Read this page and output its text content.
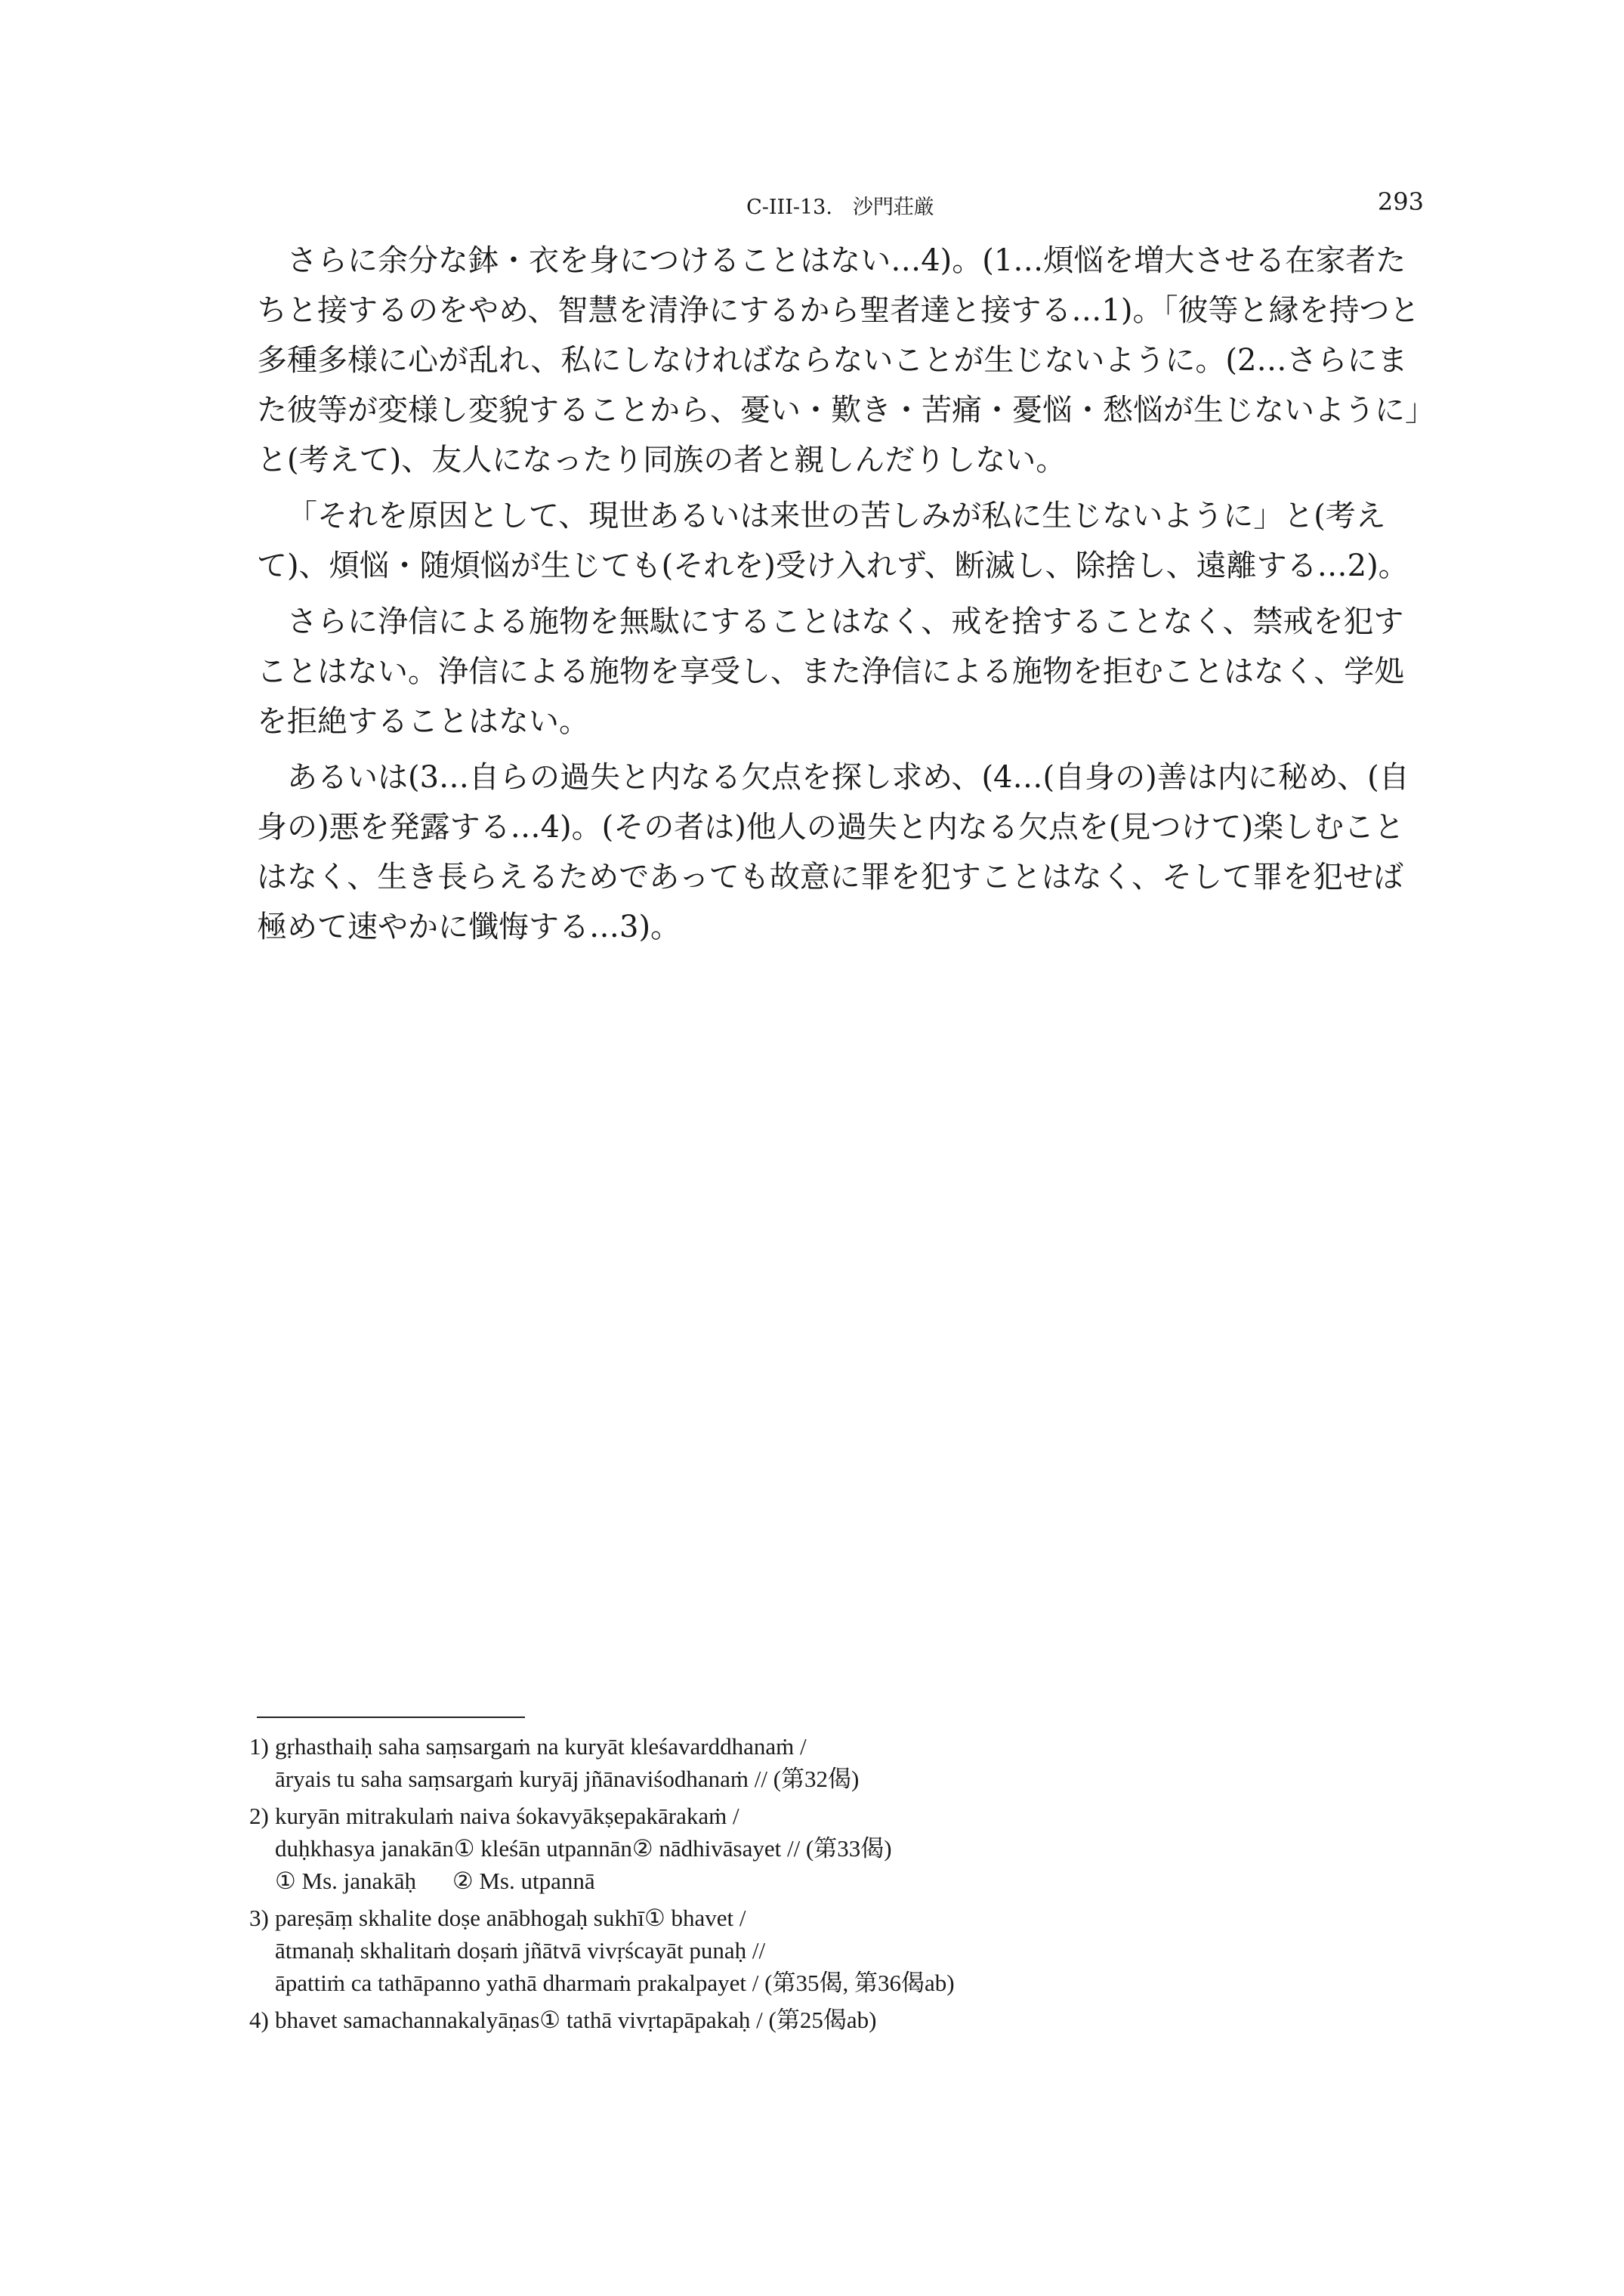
C-III-13.　沙門荘厳	293

さらに余分な鉢・衣を身につけることはない…4)。(1…煩悩を増大させる在家者たちと接するのをやめ、智慧を清浄にするから聖者達と接する…1)。「彼等と縁を持つと多種多様に心が乱れ、私にしなければならないことが生じないように。(2…さらにまた彼等が変様し変貌することから、憂い・歎き・苦痛・憂悩・愁悩が生じないように」と(考えて)、友人になったり同族の者と親しんだりしない。

「それを原因として、現世あるいは来世の苦しみが私に生じないように」と(考えて)、煩悩・随煩悩が生じても(それを)受け入れず、断滅し、除捨し、遠離する…2)。

さらに浄信による施物を無駄にすることはなく、戒を捨することなく、禁戒を犯すことはない。浄信による施物を享受し、また浄信による施物を拒むことはなく、学処を拒絶することはない。

あるいは(3…自らの過失と内なる欠点を探し求め、(4…(自身の)善は内に秘め、(自身の)悪を発露する…4)。(その者は)他人の過失と内なる欠点を(見つけて)楽しむことはなく、生き長らえるためであっても故意に罪を犯すことはなく、そして罪を犯せば極めて速やかに懺悔する…3)。

1) gṛhasthaiḥ saha saṃsargaṁ na kuryāt kleśavarddhanaṁ /
āryais tu saha saṃsargaṁ kuryāj jñānaviśodhanaṁ // (第32偈)
2) kuryān mitrakulaṁ naiva śokavyākṣepakārakaṁ /
duḥkhasya janakān① kleśān utpannān② nādhivāsayet // (第33偈)
① Ms. janakāḥ ② Ms. utpannā
3) pareṣāṃ skhalite doṣe anābhogaḥ sukhī① bhavet /
ātmanaḥ skhalitaṁ doṣaṁ jñātvā vivṛścayāt punaḥ //
āpattiṁ ca tathāpanno yathā dharmaṁ prakalpayet / (第35偈, 第36偈ab)
4) bhavet samachannakalyāṇas① tathā vivṛtapāpakaḥ / (第25偈ab)
